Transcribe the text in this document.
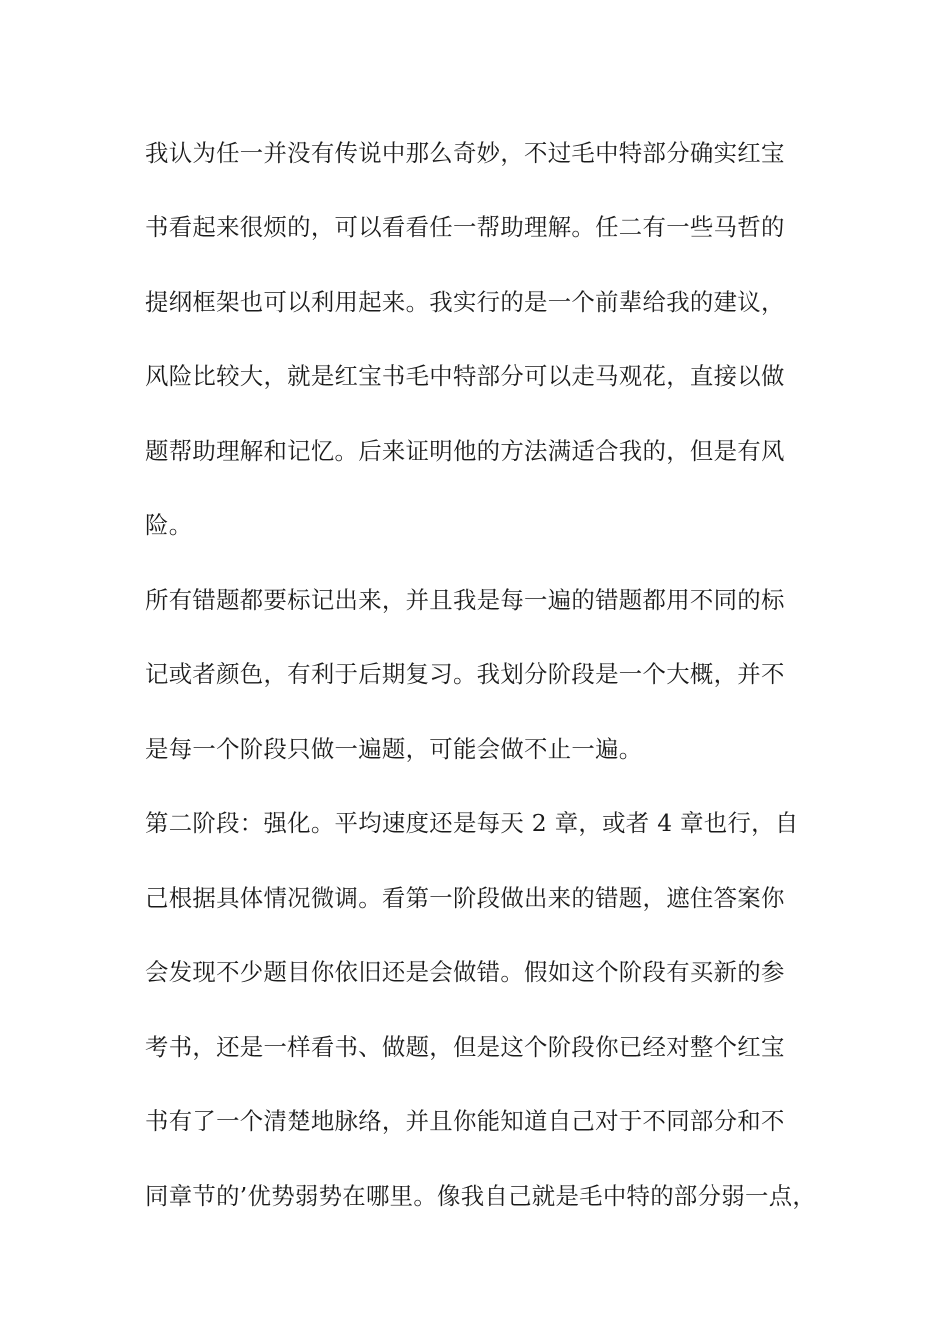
我认为任一并没有传说中那么奇妙，不过毛中特部分确实红宝

书看起来很烦的，可以看看任一帮助理解。任二有一些马哲的

提纲框架也可以利用起来。我实行的是一个前辈给我的建议，

风险比较大，就是红宝书毛中特部分可以走马观花，直接以做

题帮助理解和记忆。后来证明他的方法满适合我的，但是有风

险。

所有错题都要标记出来，并且我是每一遍的错题都用不同的标

记或者颜色，有利于后期复习。我划分阶段是一个大概，并不

是每一个阶段只做一遍题，可能会做不止一遍。

第二阶段：强化。平均速度还是每天 2 章，或者 4 章也行，自

己根据具体情况微调。看第一阶段做出来的错题，遮住答案你

会发现不少题目你依旧还是会做错。假如这个阶段有买新的参

考书，还是一样看书、做题，但是这个阶段你已经对整个红宝

书有了一个清楚地脉络，并且你能知道自己对于不同部分和不

同章节的’优势弱势在哪里。像我自己就是毛中特的部分弱一点，
